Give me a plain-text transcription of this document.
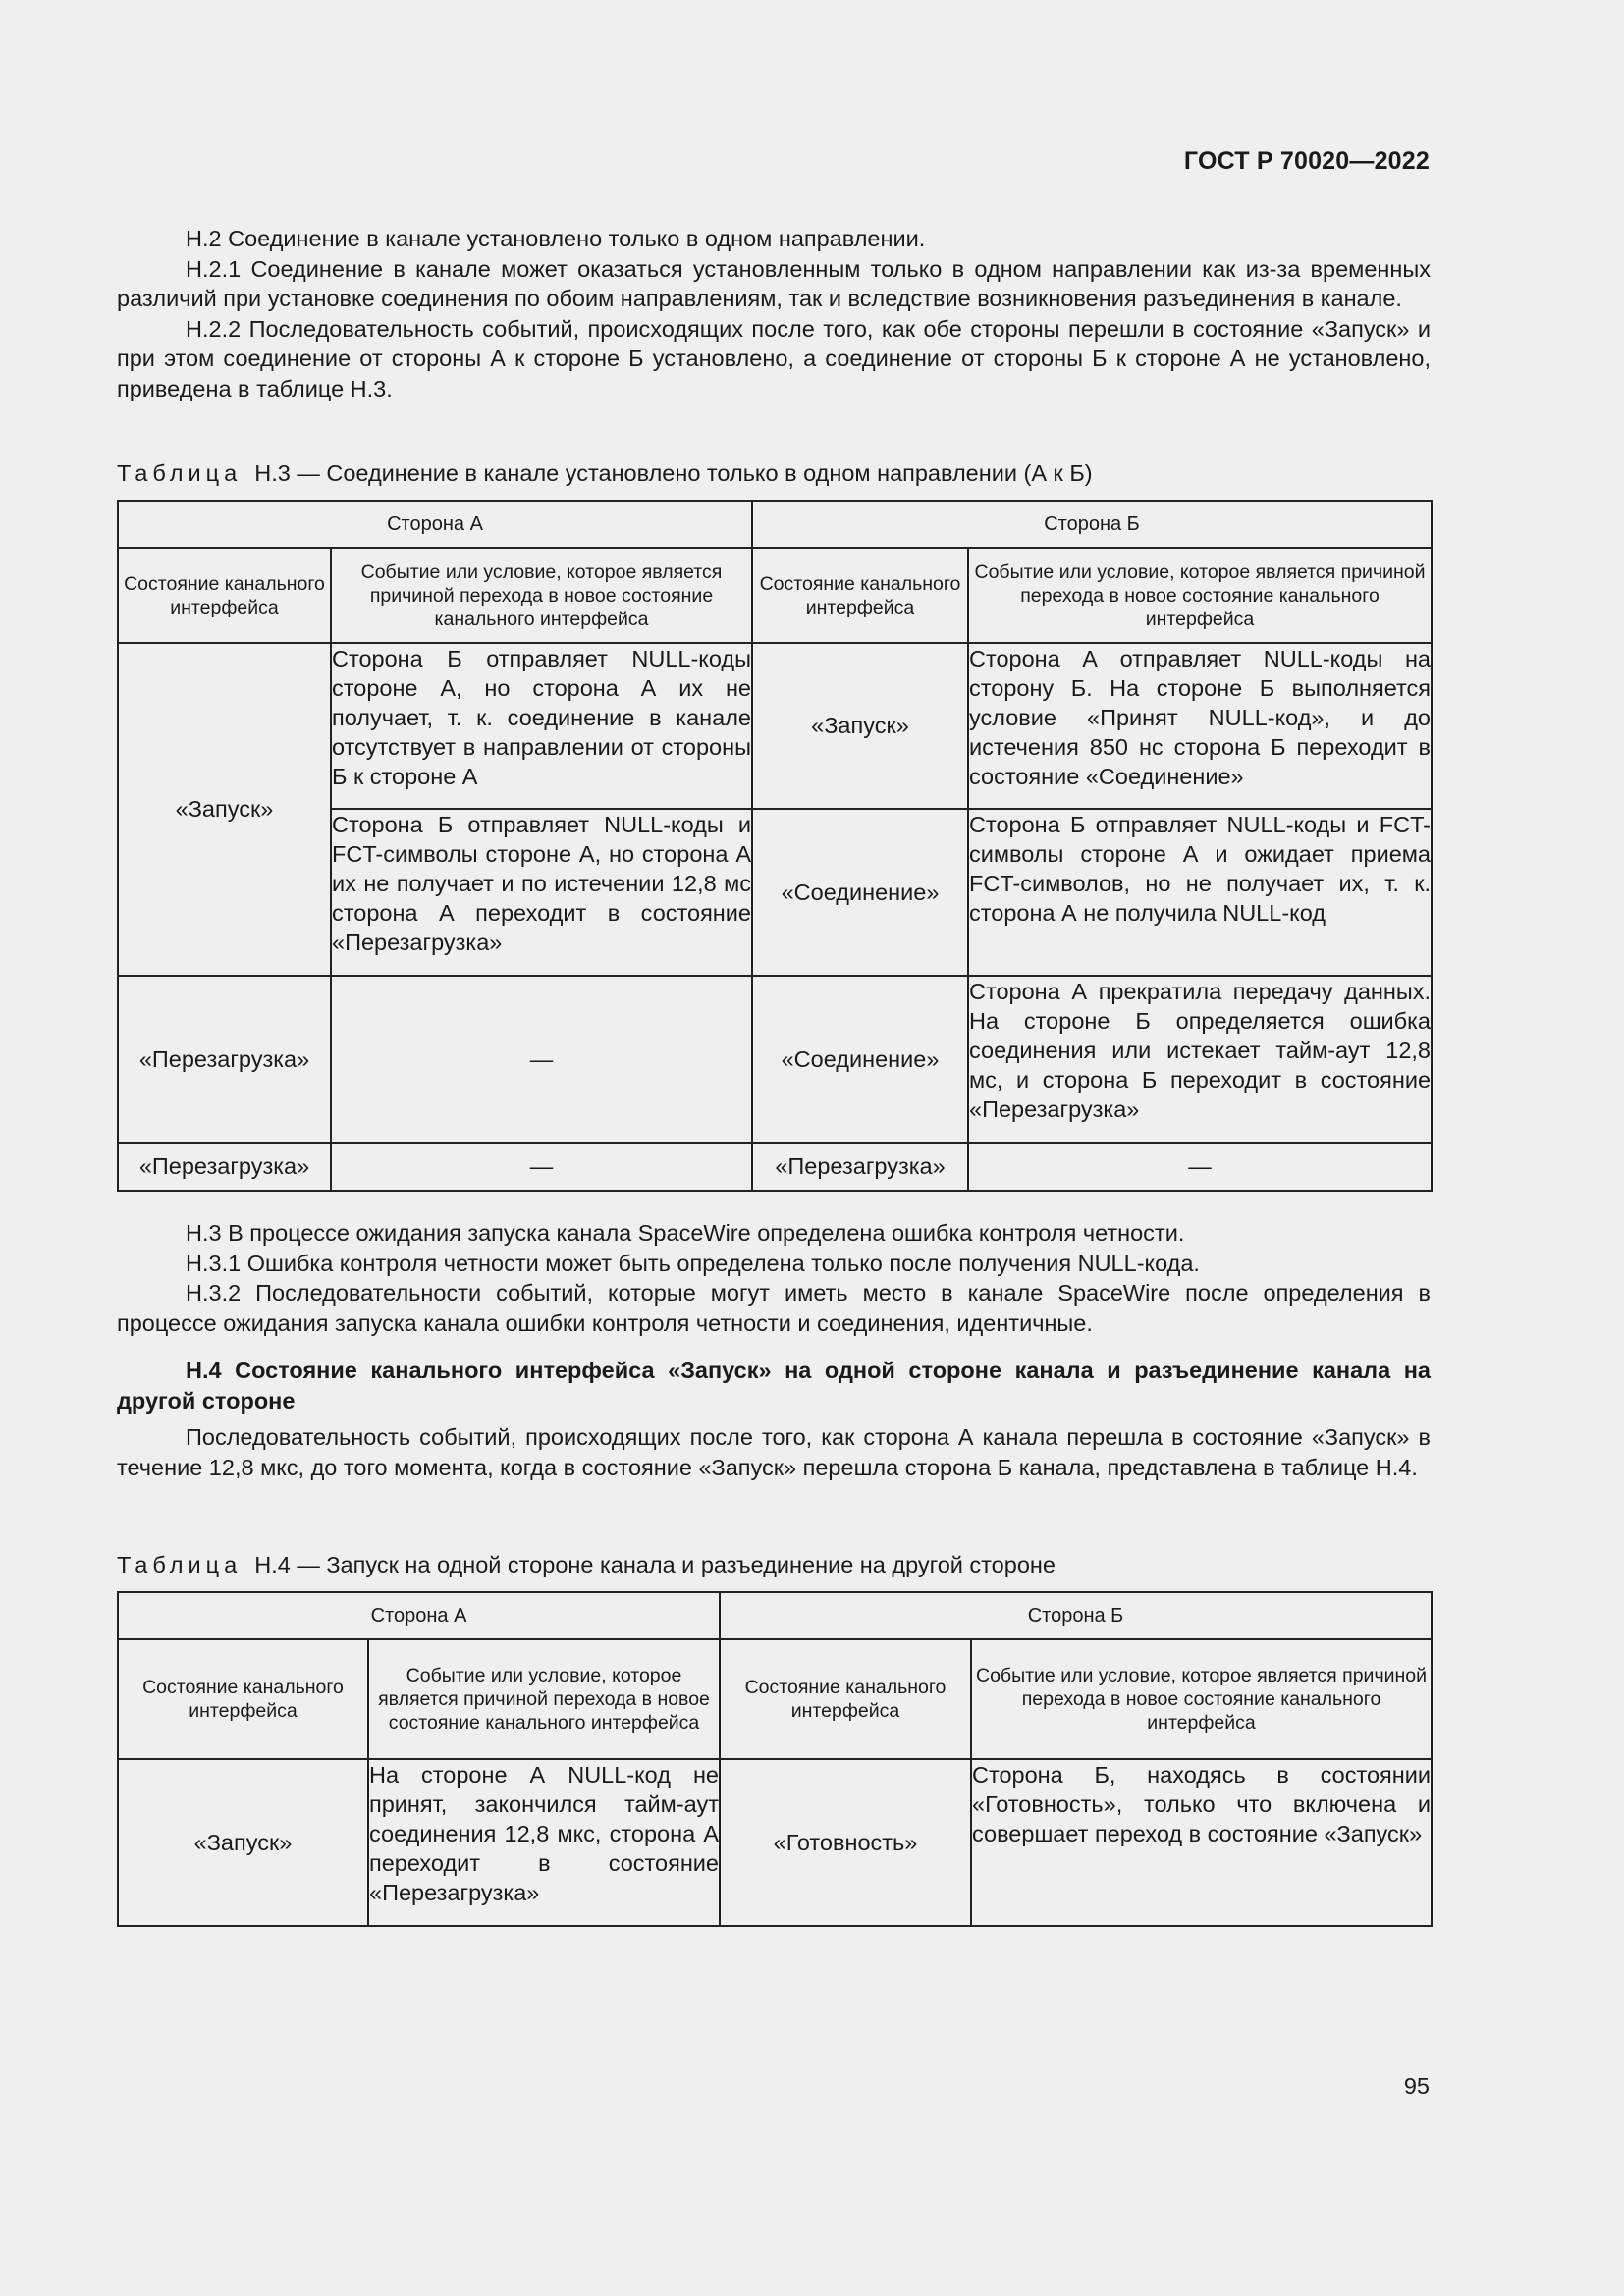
ГОСТ Р 70020—2022

Н.2 Соединение в канале установлено только в одном направлении.

Н.2.1 Соединение в канале может оказаться установленным только в одном направлении как из-за временных различий при установке соединения по обоим направлениям, так и вследствие возникновения разъединения в канале.

Н.2.2 Последовательность событий, происходящих после того, как обе стороны перешли в состояние «Запуск» и при этом соединение от стороны А к стороне Б установлено, а соединение от стороны Б к стороне А не установлено, приведена в таблице Н.3.

Таблица Н.3 — Соединение в канале установлено только в одном направлении (А к Б)
Сторона А		Сторона Б	
Состояние канального интерфейса	Событие или условие, которое является причиной перехода в новое состояние канального интерфейса	Состояние канального интерфейса	Событие или условие, которое является причиной перехода в новое состояние канального интерфейса
«Запуск»	Сторона Б отправляет NULL-коды стороне А, но сторона А их не получает, т. к. соединение в канале отсутствует в направлении от стороны Б к стороне А	«Запуск»	Сторона А отправляет NULL-коды на сторону Б. На стороне Б выполняется условие «Принят NULL-код», и до истечения 850 нс сторона Б переходит в состояние «Соединение»
	Сторона Б отправляет NULL-коды и FCT-символы стороне А, но сторона А их не получает и по истечении 12,8 мс сторона А переходит в состояние «Перезагрузка»	«Соединение»	Сторона Б отправляет NULL-коды и FCT-символы стороне А и ожидает приема FCT-символов, но не получает их, т. к. сторона А не получила NULL-код
«Перезагрузка»	—	«Соединение»	Сторона А прекратила передачу данных. На стороне Б определяется ошибка соединения или истекает тайм-аут 12,8 мс, и сторона Б переходит в состояние «Перезагрузка»
«Перезагрузка»	—	«Перезагрузка»	—

Н.3 В процессе ожидания запуска канала SpaceWire определена ошибка контроля четности.

Н.3.1 Ошибка контроля четности может быть определена только после получения NULL-кода.

Н.3.2 Последовательности событий, которые могут иметь место в канале SpaceWire после определения в процессе ожидания запуска канала ошибки контроля четности и соединения, идентичные.

Н.4 Состояние канального интерфейса «Запуск» на одной стороне канала и разъединение канала на другой стороне

Последовательность событий, происходящих после того, как сторона А канала перешла в состояние «Запуск» в течение 12,8 мкс, до того момента, когда в состояние «Запуск» перешла сторона Б канала, представлена в таблице Н.4.

Таблица Н.4 — Запуск на одной стороне канала и разъединение на другой стороне
Сторона А		Сторона Б	
Состояние канального интерфейса	Событие или условие, которое является причиной перехода в новое состояние канального интерфейса	Состояние канального интерфейса	Событие или условие, которое является причиной перехода в новое состояние канального интерфейса
«Запуск»	На стороне А NULL-код не принят, закончился тайм-аут соединения 12,8 мкс, сторона А переходит в состояние «Перезагрузка»	«Готовность»	Сторона Б, находясь в состоянии «Готовность», только что включена и совершает переход в состояние «Запуск»
95
